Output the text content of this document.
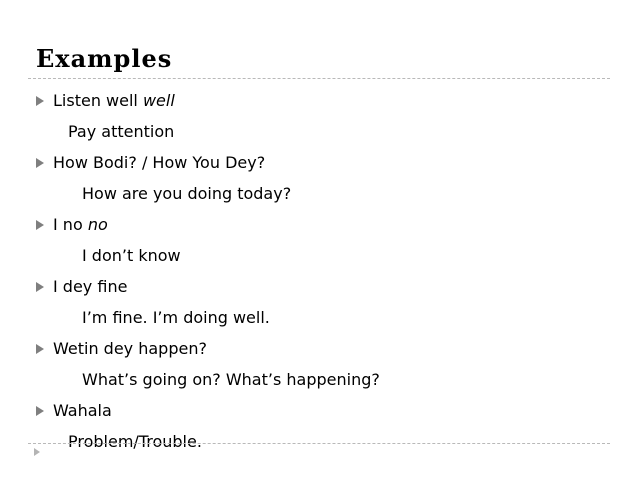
Examples
Listen well well
Pay attention
How Bodi? / How You Dey?
How are you doing today?
I no no
I don’t know
I dey fine
I’m fine. I’m doing well.
Wetin dey happen?
What’s going on? What’s happening?
Wahala
Problem/Trouble.
